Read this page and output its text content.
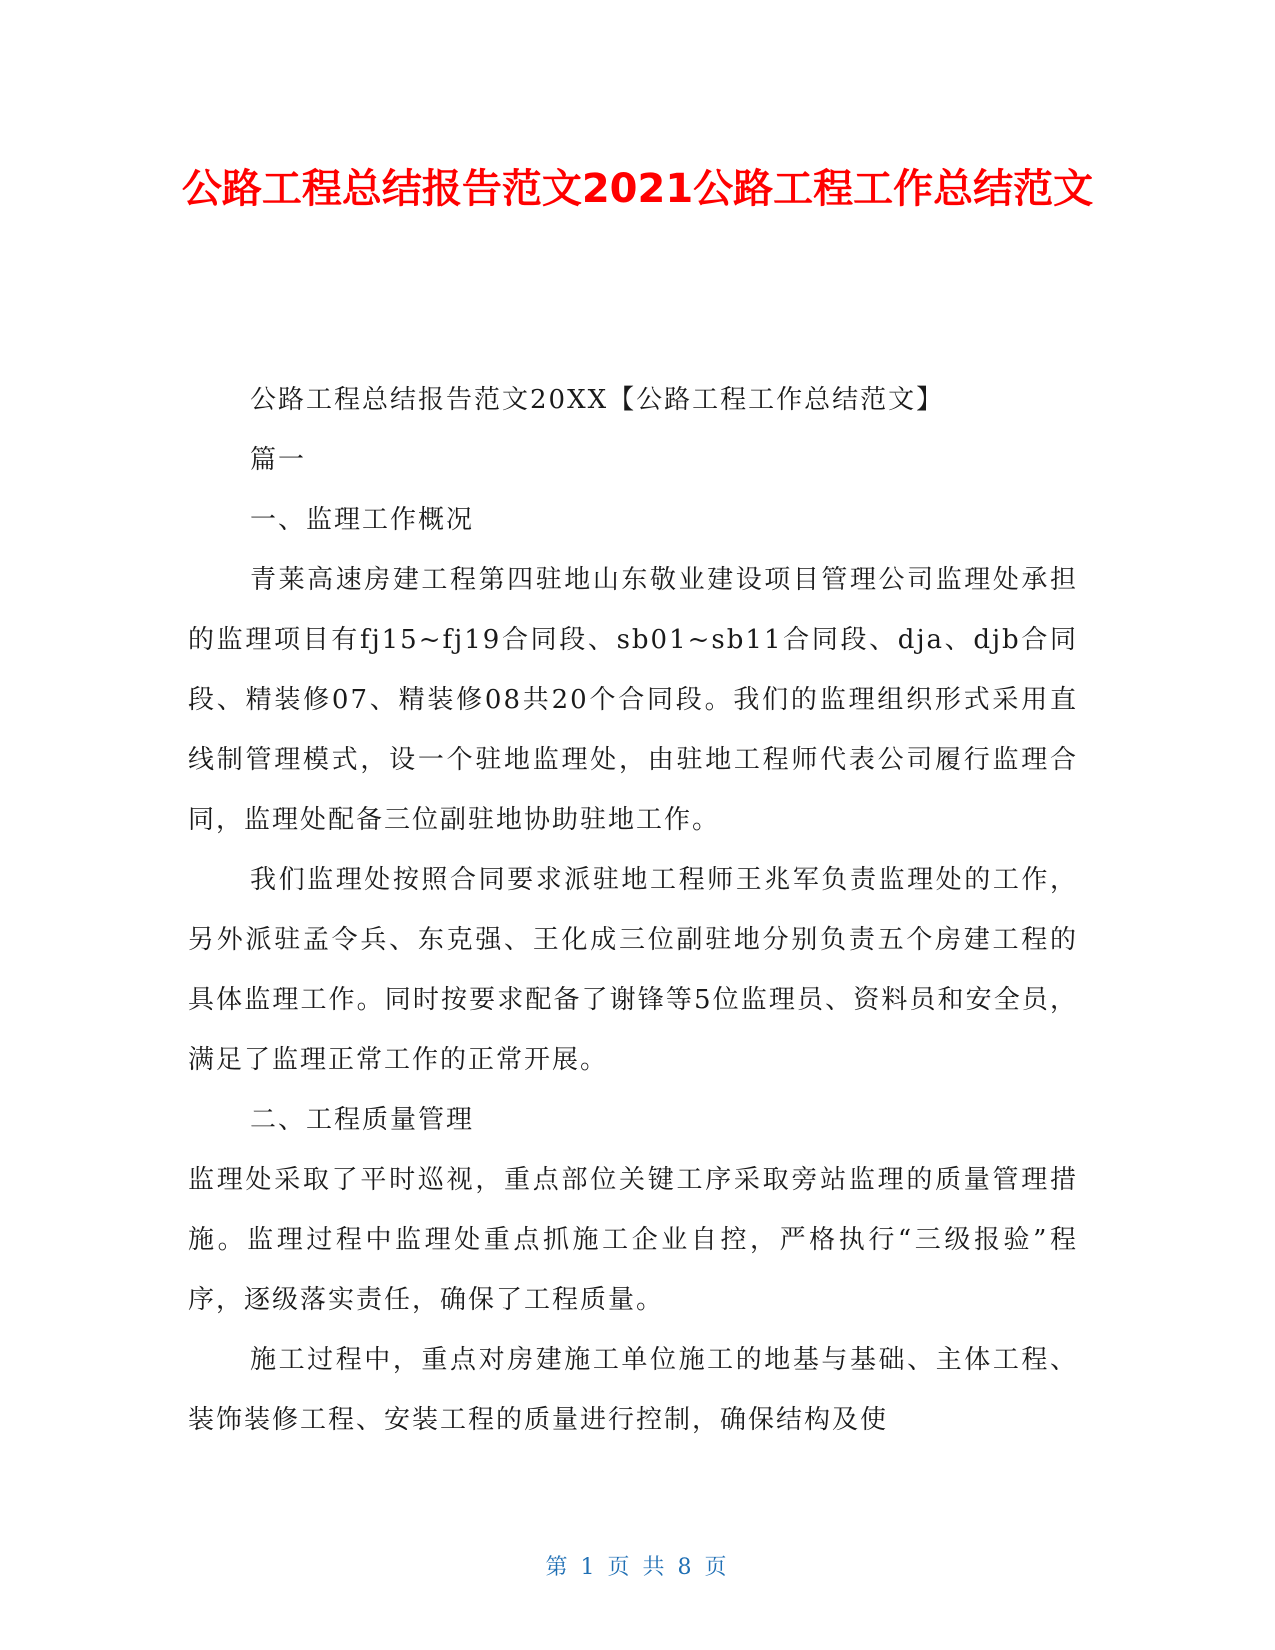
公路工程总结报告范文2021公路工程工作总结范文

公路工程总结报告范文20XX【公路工程工作总结范文】

篇一

一、监理工作概况

青莱高速房建工程第四驻地山东敬业建设项目管理公司监理处承担的监理项目有fj15~fj19合同段、sb01~sb11合同段、dja、djb合同段、精装修07、精装修08共20个合同段。我们的监理组织形式采用直线制管理模式，设一个驻地监理处，由驻地工程师代表公司履行监理合同，监理处配备三位副驻地协助驻地工作。

我们监理处按照合同要求派驻地工程师王兆军负责监理处的工作，另外派驻孟令兵、东克强、王化成三位副驻地分别负责五个房建工程的具体监理工作。同时按要求配备了谢锋等5位监理员、资料员和安全员，满足了监理正常工作的正常开展。

二、工程质量管理

监理处采取了平时巡视，重点部位关键工序采取旁站监理的质量管理措施。监理过程中监理处重点抓施工企业自控，严格执行“三级报验”程序，逐级落实责任，确保了工程质量。

施工过程中，重点对房建施工单位施工的地基与基础、主体工程、装饰装修工程、安装工程的质量进行控制，确保结构及使

第 1 页 共 8 页
